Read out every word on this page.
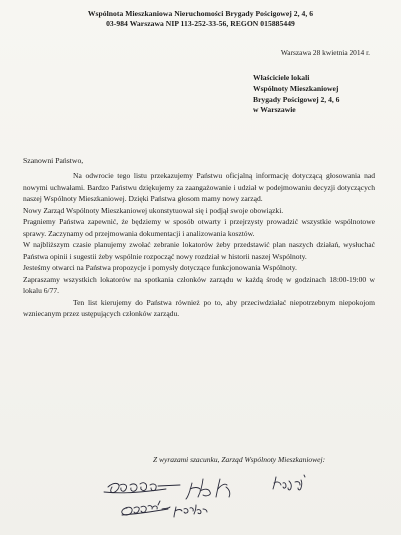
Wspólnota Mieszkaniowa Nieruchomości Brygady Pościgowej 2, 4, 6
03-984 Warszawa NIP 113-252-33-56, REGON 015885449
Warszawa 28 kwietnia 2014 r.
Właściciele lokali
Wspólnoty Mieszkaniowej
Brygady Pościgowej 2, 4, 6
w Warszawie
Szanowni Państwo,

Na odwrocie tego listu przekazujemy Państwu oficjalną informację dotyczącą głosowania nad nowymi uchwałami. Bardzo Państwu dziękujemy za zaangażowanie i udział w podejmowaniu decyzji dotyczących naszej Wspólnoty Mieszkaniowej. Dzięki Państwa głosom mamy nowy zarząd.

Nowy Zarząd Wspólnoty Mieszkaniowej ukonstytuował się i podjął swoje obowiązki.

Pragniemy Państwa zapewnić, że będziemy w sposób otwarty i przejrzysty prowadzić wszystkie wspólnotowe sprawy. Zaczynamy od przejmowania dokumentacji i analizowania kosztów.

W najbliższym czasie planujemy zwołać zebranie lokatorów żeby przedstawić plan naszych działań, wysłuchać Państwa opinii i sugestii żeby wspólnie rozpocząć nowy rozdział w historii naszej Wspólnoty.

Jesteśmy otwarci na Państwa propozycje i pomysły dotyczące funkcjonowania Wspólnoty.

Zapraszamy wszystkich lokatorów na spotkania członków zarządu w każdą środę w godzinach 18:00-19:00 w lokalu 6/77.

Ten list kierujemy do Państwa również po to, aby przeciwdziałać niepotrzebnym niepokojom wzniecanym przez ustępujących członków zarządu.

Z wyrazami szacunku, Zarząd Wspólnoty Mieszkaniowej:
